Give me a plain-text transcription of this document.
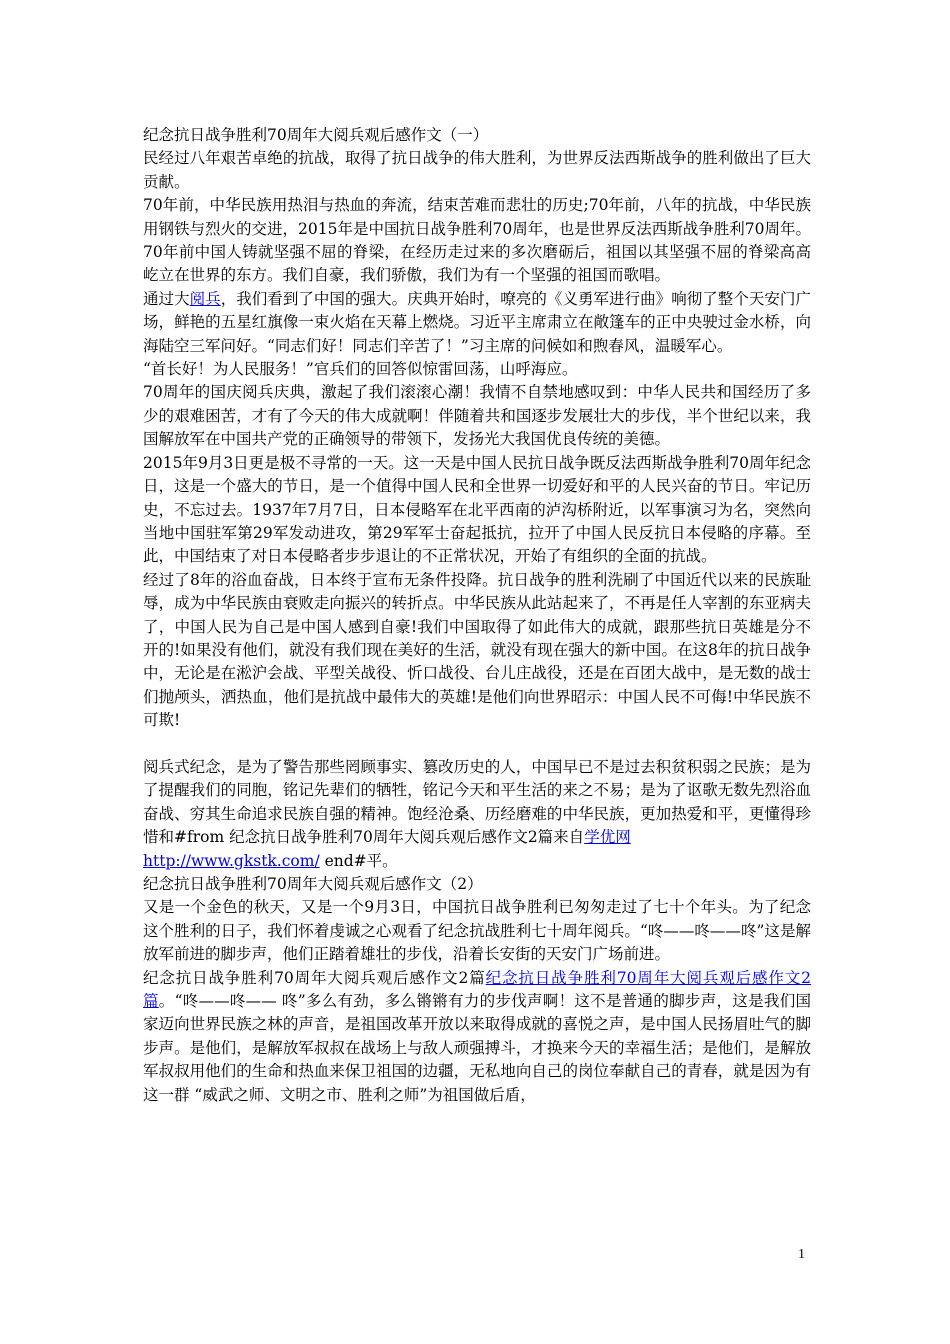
纪念抗日战争胜利70周年大阅兵观后感作文（一）

民经过八年艰苦卓绝的抗战，取得了抗日战争的伟大胜利，为世界反法西斯战争的胜利做出了巨大贡献。

70年前，中华民族用热泪与热血的奔流，结束苦难而悲壮的历史;70年前，八年的抗战，中华民族用钢铁与烈火的交进，2015年是中国抗日战争胜利70周年，也是世界反法西斯战争胜利70周年。70年前中国人铸就坚强不屈的脊梁，在经历走过来的多次磨砺后，祖国以其坚强不屈的脊梁高高屹立在世界的东方。我们自豪，我们骄傲，我们为有一个坚强的祖国而歌唱。

通过大阅兵，我们看到了中国的强大。庆典开始时，嘹亮的《义勇军进行曲》响彻了整个天安门广场，鲜艳的五星红旗像一束火焰在天幕上燃烧。习近平主席肃立在敞篷车的正中央驶过金水桥，向海陆空三军问好。“同志们好！同志们辛苦了！”习主席的问候如和煦春风，温暖军心。

“首长好！为人民服务！”官兵们的回答似惊雷回荡，山呼海应。

70周年的国庆阅兵庆典，激起了我们滚滚心潮！我情不自禁地感叹到：中华人民共和国经历了多少的艰难困苦，才有了今天的伟大成就啊！伴随着共和国逐步发展壮大的步伐，半个世纪以来，我国解放军在中国共产党的正确领导的带领下，发扬光大我国优良传统的美德。

2015年9月3日更是极不寻常的一天。这一天是中国人民抗日战争既反法西斯战争胜利70周年纪念日，这是一个盛大的节日，是一个值得中国人民和全世界一切爱好和平的人民兴奋的节日。牢记历史，不忘过去。1937年7月7日，日本侵略军在北平西南的泸沟桥附近，以军事演习为名，突然向当地中国驻军第29军发动进攻，第29军军士奋起抵抗，拉开了中国人民反抗日本侵略的序幕。至此，中国结束了对日本侵略者步步退让的不正常状况，开始了有组织的全面的抗战。

经过了8年的浴血奋战，日本终于宣布无条件投降。抗日战争的胜利洗刷了中国近代以来的民族耻辱，成为中华民族由衰败走向振兴的转折点。中华民族从此站起来了，不再是任人宰割的东亚病夫了，中国人民为自己是中国人感到自豪!我们中国取得了如此伟大的成就，跟那些抗日英雄是分不开的!如果没有他们，就没有我们现在美好的生活，就没有现在强大的新中国。在这8年的抗日战争中，无论是在淞沪会战、平型关战役、忻口战役、台儿庄战役，还是在百团大战中，是无数的战士们抛颅头，洒热血，他们是抗战中最伟大的英雄!是他们向世界昭示：中国人民不可侮!中华民族不可欺!

阅兵式纪念，是为了警告那些罔顾事实、篡改历史的人，中国早已不是过去积贫积弱之民族；是为了提醒我们的同胞，铭记先辈们的牺牲，铭记今天和平生活的来之不易；是为了讴歌无数先烈浴血奋战、穷其生命追求民族自强的精神。饱经沧桑、历经磨难的中华民族，更加热爱和平，更懂得珍惜和#from 纪念抗日战争胜利70周年大阅兵观后感作文2篇来自学优网
http://www.gkstk.com/ end#平。

纪念抗日战争胜利70周年大阅兵观后感作文（2）

又是一个金色的秋天，又是一个9月3日，中国抗日战争胜利已匆匆走过了七十个年头。为了纪念这个胜利的日子，我们怀着虔诚之心观看了纪念抗战胜利七十周年阅兵。“咚——咚——咚”这是解放军前进的脚步声，他们正踏着雄壮的步伐，沿着长安街的天安门广场前进。

纪念抗日战争胜利70周年大阅兵观后感作文2篇纪念抗日战争胜利70周年大阅兵观后感作文2篇。“咚——咚—— 咚”多么有劲，多么锵锵有力的步伐声啊！这不是普通的脚步声，这是我们国家迈向世界民族之林的声音，是祖国改革开放以来取得成就的喜悦之声，是中国人民扬眉吐气的脚步声。是他们，是解放军叔叔在战场上与敌人顽强搏斗，才换来今天的幸福生活；是他们，是解放军叔叔用他们的生命和热血来保卫祖国的边疆，无私地向自己的岗位奉献自己的青春，就是因为有这一群 “威武之师、文明之市、胜利之师”为祖国做后盾，

1
